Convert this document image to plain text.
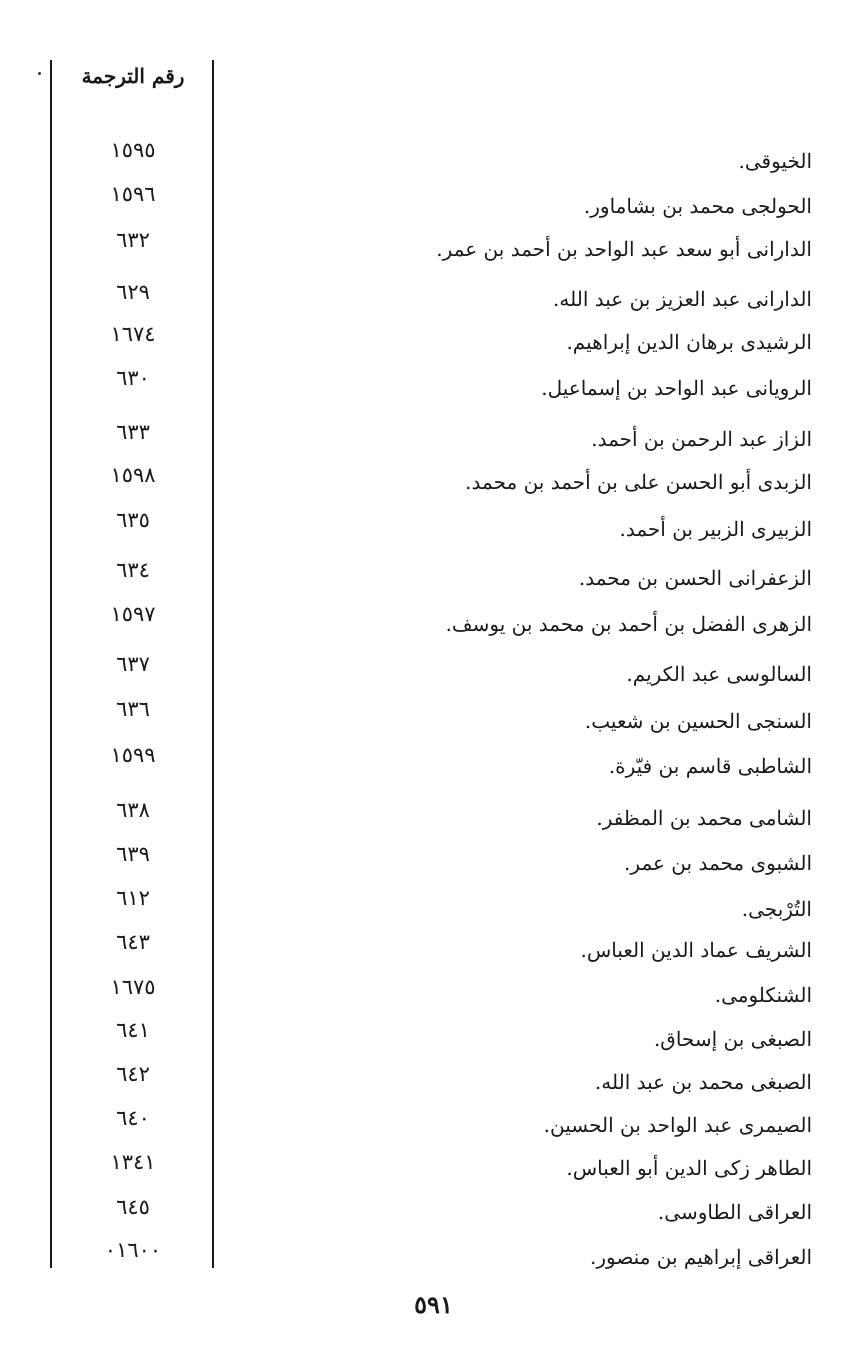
رقم الترجمة
١٥٩٥	الخيوقى.
١٥٩٦	الحولجى محمد بن بشاماور.
٦٣٢	الدارانى أبو سعد عبد الواحد بن أحمد بن عمر.
٦٢٩	الدارانى عبد العزيز بن عبد الله.
١٦٧٤	الرشيدى برهان الدين إبراهيم.
٦٣٠	الرويانى عبد الواحد بن إسماعيل.
٦٣٣	الزاز عبد الرحمن بن أحمد.
١٥٩٨	الزبدى أبو الحسن على بن أحمد بن محمد.
٦٣٥	الزبيرى الزبير بن أحمد.
٦٣٤	الزعفرانى الحسن بن محمد.
١٥٩٧	الزهرى الفضل بن أحمد بن محمد بن يوسف.
٦٣٧	السالوسى عبد الكريم.
٦٣٦	السنجى الحسين بن شعيب.
١٥٩٩	الشاطبى قاسم بن فيّرة.
٦٣٨	الشامى محمد بن المظفر.
٦٣٩	الشبوى محمد بن عمر.
٦١٢	التُرْبجى.
٦٤٣	الشريف عماد الدين العباس.
١٦٧٥	الشنكلومى.
٦٤١	الصبغى بن إسحاق.
٦٤٢	الصبغى محمد بن عبد الله.
٦٤٠	الصيمرى عبد الواحد بن الحسين.
١٣٤١	الطاهر زكى الدين أبو العباس.
٦٤٥	العراقى الطاوسى.
٠١٦٠٠	العراقى إبراهيم بن منصور.
٥٩١
